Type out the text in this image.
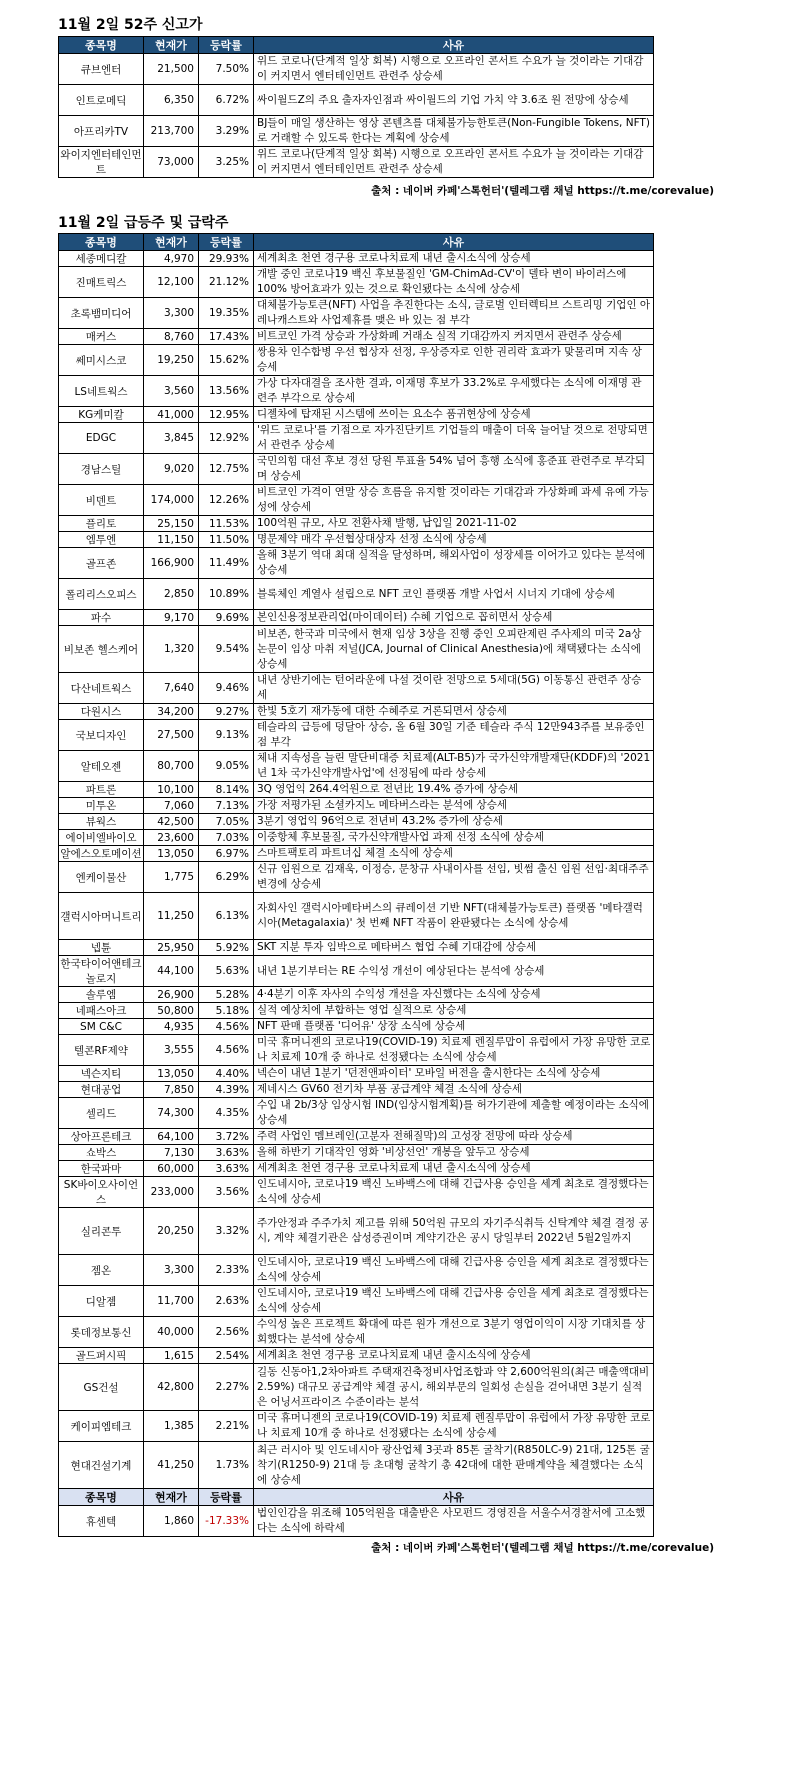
11월 2일 52주 신고가
종목명	현재가	등락률	사유
큐브엔터	21,500	7.50%	위드 코로나(단계적 일상 회복) 시행으로 오프라인 콘서트 수요가 늘 것이라는 기대감이 커지면서 엔터테인먼트 관련주 상승세
인트로메딕	6,350	6.72%	싸이월드Z의 주요 출자자인점과 싸이월드의 기업 가치 약 3.6조 원 전망에 상승세
아프리카TV	213,700	3.29%	BJ들이 매일 생산하는 영상 콘텐츠를 대체불가능한토큰(Non-Fungible Tokens, NFT)로 거래할 수 있도록 한다는 계획에 상승세
와이지엔터테인먼트	73,000	3.25%	위드 코로나(단계적 일상 회복) 시행으로 오프라인 콘서트 수요가 늘 것이라는 기대감이 커지면서 엔터테인먼트 관련주 상승세
출처 : 네이버 카페'스톡헌터'(텔레그램 채널 https://t.me/corevalue)
11월 2일 급등주 및 급락주
종목명	현재가	등락률	사유
세종메디칼	4,970	29.93%	세계최초 천연 경구용 코로나치료제 내년 출시소식에 상승세
진매트릭스	12,100	21.12%	개발 중인 코로나19 백신 후보물질인 'GM-ChimAd-CV'이 델타 변이 바이러스에 100% 방어효과가 있는 것으로 확인됐다는 소식에 상승세
초록뱀미디어	3,300	19.35%	대체불가능토큰(NFT) 사업을 추진한다는 소식, 글로벌 인터렉티브 스트리밍 기업인 아레나캐스트와 사업제휴를 맺은 바 있는 점 부각
매커스	8,760	17.43%	비트코인 가격 상승과 가상화폐 거래소 실적 기대감까지 커지면서 관련주 상승세
쎄미시스코	19,250	15.62%	쌍용차 인수합병 우선 협상자 선정, 우상증자로 인한 권리락 효과가 맞물리며 지속 상승세
LS네트웍스	3,560	13.56%	가상 다자대결을 조사한 결과, 이재명 후보가 33.2%로 우세했다는 소식에 이재명 관련주 부각으로 상승세
KG케미칼	41,000	12.95%	디젤차에 탑재된 시스템에 쓰이는 요소수 품귀현상에 상승세
EDGC	3,845	12.92%	'위드 코로나'를 기점으로 자가진단키트 기업들의 매출이 더욱 늘어날 것으로 전망되면서 관련주 상승세
경남스틸	9,020	12.75%	국민의힘 대선 후보 경선 당원 투표율 54% 넘어 흥행 소식에 홍준표 관련주로 부각되며 상승세
비덴트	174,000	12.26%	비트코인 가격이 연말 상승 흐름을 유지할 것이라는 기대감과 가상화폐 과세 유예 가능성에 상승세
플리토	25,150	11.53%	100억원 규모, 사모 전환사채 발행, 납입일 2021-11-02
엠투엔	11,150	11.50%	명문제약 매각 우선협상대상자 선정 소식에 상승세
골프존	166,900	11.49%	올해 3분기 역대 최대 실적을 달성하며, 해외사업이 성장세를 이어가고 있다는 분석에 상승세
폴리리스오피스	2,850	10.89%	블록체인 계열사 설립으로 NFT 코인 플랫폼 개발 사업서 시너지 기대에 상승세
파수	9,170	9.69%	본인신용정보관리업(마이데이터) 수혜 기업으로 꼽히면서 상승세
비보존 헬스케어	1,320	9.54%	비보존, 한국과 미국에서 현재 임상 3상을 진행 중인 오피란제린 주사제의 미국 2a상 논문이 임상 마취 저널(JCA, Journal of Clinical Anesthesia)에 채택됐다는 소식에 상승세
다산네트웍스	7,640	9.46%	내년 상반기에는 턴어라운에 나설 것이란 전망으로 5세대(5G) 이동통신 관련주 상승세
다원시스	34,200	9.27%	한빛 5호기 재가동에 대한 수혜주로 거론되면서 상승세
국보디자인	27,500	9.13%	테슬라의 급등에 덩달아 상승, 올 6월 30일 기준 테슬라 주식 12만943주를 보유중인 점 부각
알테오젠	80,700	9.05%	체내 지속성을 늘린 말단비대증 치료제(ALT-B5)가 국가신약개발재단(KDDF)의 '2021년 1차 국가신약개발사업'에 선정됨에 따라 상승세
파트론	10,100	8.14%	3Q 영업익 264.4억원으로 전년比 19.4% 증가에 상승세
미투온	7,060	7.13%	가장 저평가된 소셜카지노 메타버스라는 분석에 상승세
뷰웍스	42,500	7.05%	3분기 영업익 96억으로 전년비 43.2% 증가에 상승세
에이비엘바이오	23,600	7.03%	이중항체 후보물질, 국가신약개발사업 과제 선정 소식에 상승세
알에스오토메이션	13,050	6.97%	스마트팩토리 파트너십 체결 소식에 상승세
엔케이물산	1,775	6.29%	신규 임원으로 김재욱, 이정승, 문창규 사내이사를 선임, 빗썸 출신 임원 선임·최대주주 변경에 상승세
갤럭시아머니트리	11,250	6.13%	자회사인 갤럭시아메타버스의 큐레이션 기반 NFT(대체불가능토큰) 플랫폼 '메타갤럭시아(Metagalaxia)' 첫 번째 NFT 작품이 완판됐다는 소식에 상승세
넵튠	25,950	5.92%	SKT 지분 투자 임박으로 메타버스 협업 수혜 기대감에 상승세
한국타이어앤테크놀로지	44,100	5.63%	내년 1분기부터는 RE 수익성 개선이 예상된다는 분석에 상승세
솔루엠	26,900	5.28%	4·4분기 이후 자사의 수익성 개선을 자신했다는 소식에 상승세
네패스아크	50,800	5.18%	실적 예상치에 부합하는 영업 실적으로 상승세
SM C&C	4,935	4.56%	NFT 판매 플랫폼 '디어유' 상장 소식에 상승세
텔콘RF제약	3,555	4.56%	미국 휴머니젠의 코로나19(COVID-19) 치료제 렌질루맙이 유럽에서 가장 유망한 코로나 치료제 10개 중 하나로 선정됐다는 소식에 상승세
넥슨지티	13,050	4.40%	넥슨이 내년 1분기 '던전앤파이터' 모바일 버전을 출시한다는 소식에 상승세
현대공업	7,850	4.39%	제네시스 GV60 전기차 부품 공급계약 체결 소식에 상승세
셀리드	74,300	4.35%	수입 내 2b/3상 임상시험 IND(임상시험계획)를 허가기관에 제출할 예정이라는 소식에 상승세
상아프론테크	64,100	3.72%	주력 사업인 멤브레인(고분자 전해질막)의 고성장 전망에 따라 상승세
쇼박스	7,130	3.63%	올해 하반기 기대작인 영화 '비상선언' 개봉을 앞두고 상승세
한국파마	60,000	3.63%	세계최초 천연 경구용 코로나치료제 내년 출시소식에 상승세
SK바이오사이언스	233,000	3.56%	인도네시아, 코로나19 백신 노바백스에 대해 긴급사용 승인을 세계 최초로 결정했다는 소식에 상승세
실리콘투	20,250	3.32%	주가안정과 주주가치 제고를 위해 50억원 규모의 자기주식취득 신탁계약 체결 결정 공시, 계약 체결기관은 삼성증권이며 계약기간은 공시 당일부터 2022년 5월2일까지
젬온	3,300	2.33%	인도네시아, 코로나19 백신 노바백스에 대해 긴급사용 승인을 세계 최초로 결정했다는 소식에 상승세
디알젬	11,700	2.63%	인도네시아, 코로나19 백신 노바백스에 대해 긴급사용 승인을 세계 최초로 결정했다는 소식에 상승세
롯데정보통신	40,000	2.56%	수익성 높은 프로젝트 확대에 따른 원가 개선으로 3분기 영업이익이 시장 기대치를 상회했다는 분석에 상승세
골드퍼시픽	1,615	2.54%	세계최초 천연 경구용 코로나치료제 내년 출시소식에 상승세
GS건설	42,800	2.27%	길동 신동아1,2차아파트 주택재건축정비사업조합과 약 2,600억원의(최근 매출액대비 2.59%) 대규모 공급계약 체결 공시, 해외부문의 일회성 손실을 걷어내면 3분기 실적은 어닝서프라이즈 수준이라는 분석
케이피엠테크	1,385	2.21%	미국 휴머니젠의 코로나19(COVID-19) 치료제 렌질루맙이 유럽에서 가장 유망한 코로나 치료제 10개 중 하나로 선정됐다는 소식에 상승세
현대건설기계	41,250	1.73%	최근 러시아 및 인도네시아 광산업체 3곳과 85톤 굴착기(R850LC-9) 21대, 125톤 굴착기(R1250-9) 21대 등 초대형 굴착기 총 42대에 대한 판매계약을 체결했다는 소식에 상승세
종목명	현재가	등락률	사유
휴센텍	1,860	-17.33%	법인인감을 위조해 105억원을 대출받은 사모펀드 경영진을 서울수서경찰서에 고소했다는 소식에 하락세
출처 : 네이버 카페'스톡헌터'(텔레그램 채널 https://t.me/corevalue)
